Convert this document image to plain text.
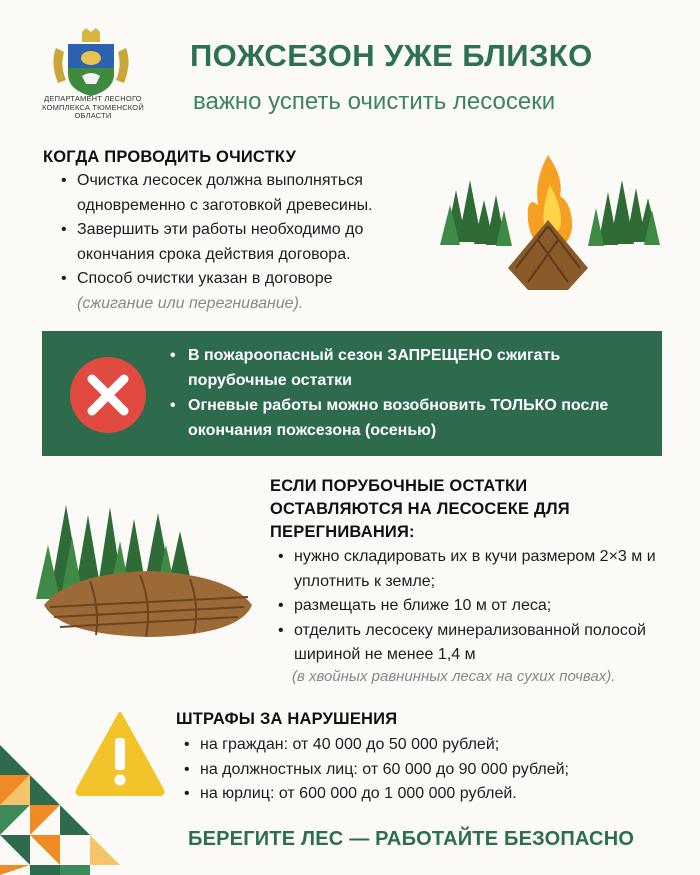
ДЕПАРТАМЕНТ ЛЕСНОГО КОМПЛЕКСА ТЮМЕНСКОЙ ОБЛАСТИ
ПОЖСЕЗОН УЖЕ БЛИЗКО
важно успеть очистить лесосеки
КОГДА ПРОВОДИТЬ ОЧИСТКУ
• Очистка лесосек должна выполняться одновременно с заготовкой древесины.
• Завершить эти работы необходимо до окончания срока действия договора.
• Способ очистки указан в договоре
(сжигание или перегнивание).
• В пожароопасный сезон ЗАПРЕЩЕНО сжигать порубочные остатки
• Огневые работы можно возобновить ТОЛЬКО после окончания пожсезона (осенью)
ЕСЛИ ПОРУБОЧНЫЕ ОСТАТКИ ОСТАВЛЯЮТСЯ НА ЛЕСОСЕКЕ ДЛЯ ПЕРЕГНИВАНИЯ:
• нужно складировать их в кучи размером 2×3 м и уплотнить к земле;
• размещать не ближе 10 м от леса;
• отделить лесосеку минерализованной полосой шириной не менее 1,4 м
(в хвойных равнинных лесах на сухих почвах).
ШТРАФЫ ЗА НАРУШЕНИЯ
• на граждан: от 40 000 до 50 000 рублей;
• на должностных лиц: от 60 000 до 90 000 рублей;
• на юрлиц: от 600 000 до 1 000 000 рублей.
БЕРЕГИТЕ ЛЕС — РАБОТАЙТЕ БЕЗОПАСНО
